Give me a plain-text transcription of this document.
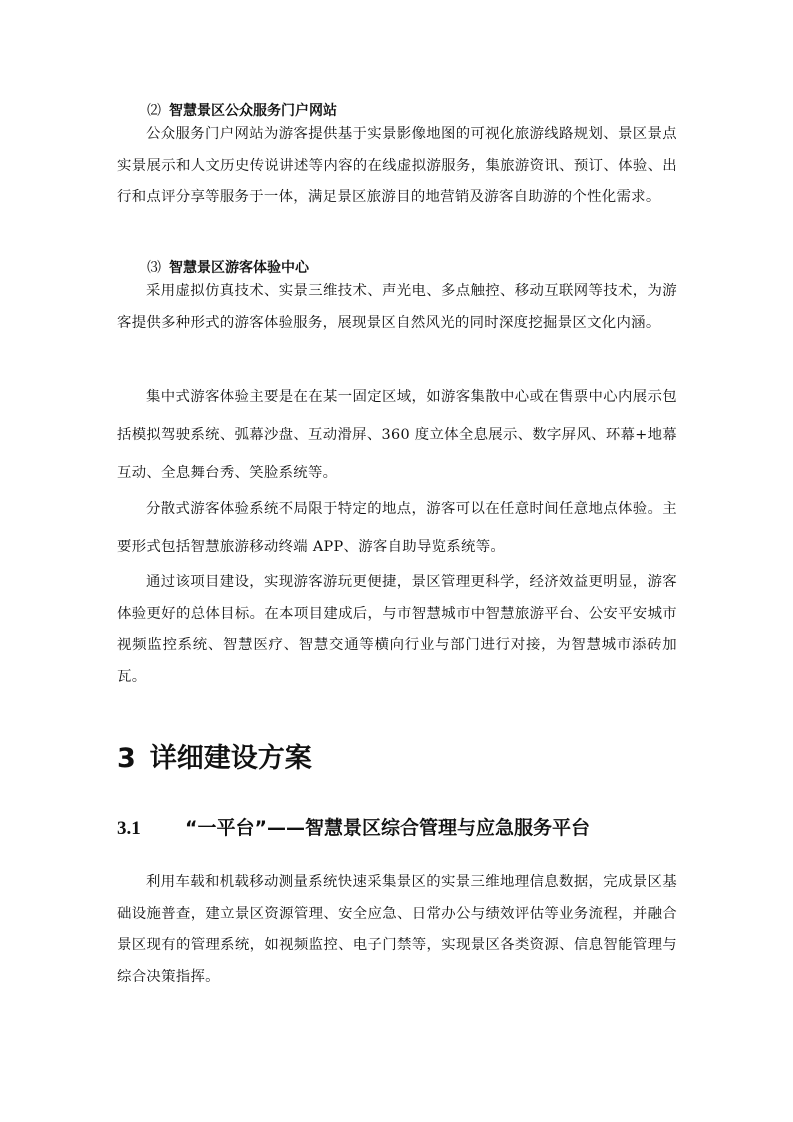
⑵ 智慧景区公众服务门户网站
公众服务门户网站为游客提供基于实景影像地图的可视化旅游线路规划、景区景点实景展示和人文历史传说讲述等内容的在线虚拟游服务，集旅游资讯、预订、体验、出行和点评分享等服务于一体，满足景区旅游目的地营销及游客自助游的个性化需求。
⑶ 智慧景区游客体验中心
采用虚拟仿真技术、实景三维技术、声光电、多点触控、移动互联网等技术，为游客提供多种形式的游客体验服务，展现景区自然风光的同时深度挖掘景区文化内涵。
集中式游客体验主要是在在某一固定区域，如游客集散中心或在售票中心内展示包括模拟驾驶系统、弧幕沙盘、互动滑屏、360 度立体全息展示、数字屏风、环幕+地幕互动、全息舞台秀、笑脸系统等。
分散式游客体验系统不局限于特定的地点，游客可以在任意时间任意地点体验。主要形式包括智慧旅游移动终端 APP、游客自助导览系统等。
通过该项目建设，实现游客游玩更便捷，景区管理更科学，经济效益更明显，游客体验更好的总体目标。在本项目建成后，与市智慧城市中智慧旅游平台、公安平安城市视频监控系统、智慧医疗、智慧交通等横向行业与部门进行对接，为智慧城市添砖加瓦。
3 详细建设方案
3.1 “一平台”——智慧景区综合管理与应急服务平台
利用车载和机载移动测量系统快速采集景区的实景三维地理信息数据，完成景区基础设施普查，建立景区资源管理、安全应急、日常办公与绩效评估等业务流程，并融合景区现有的管理系统，如视频监控、电子门禁等，实现景区各类资源、信息智能管理与综合决策指挥。
